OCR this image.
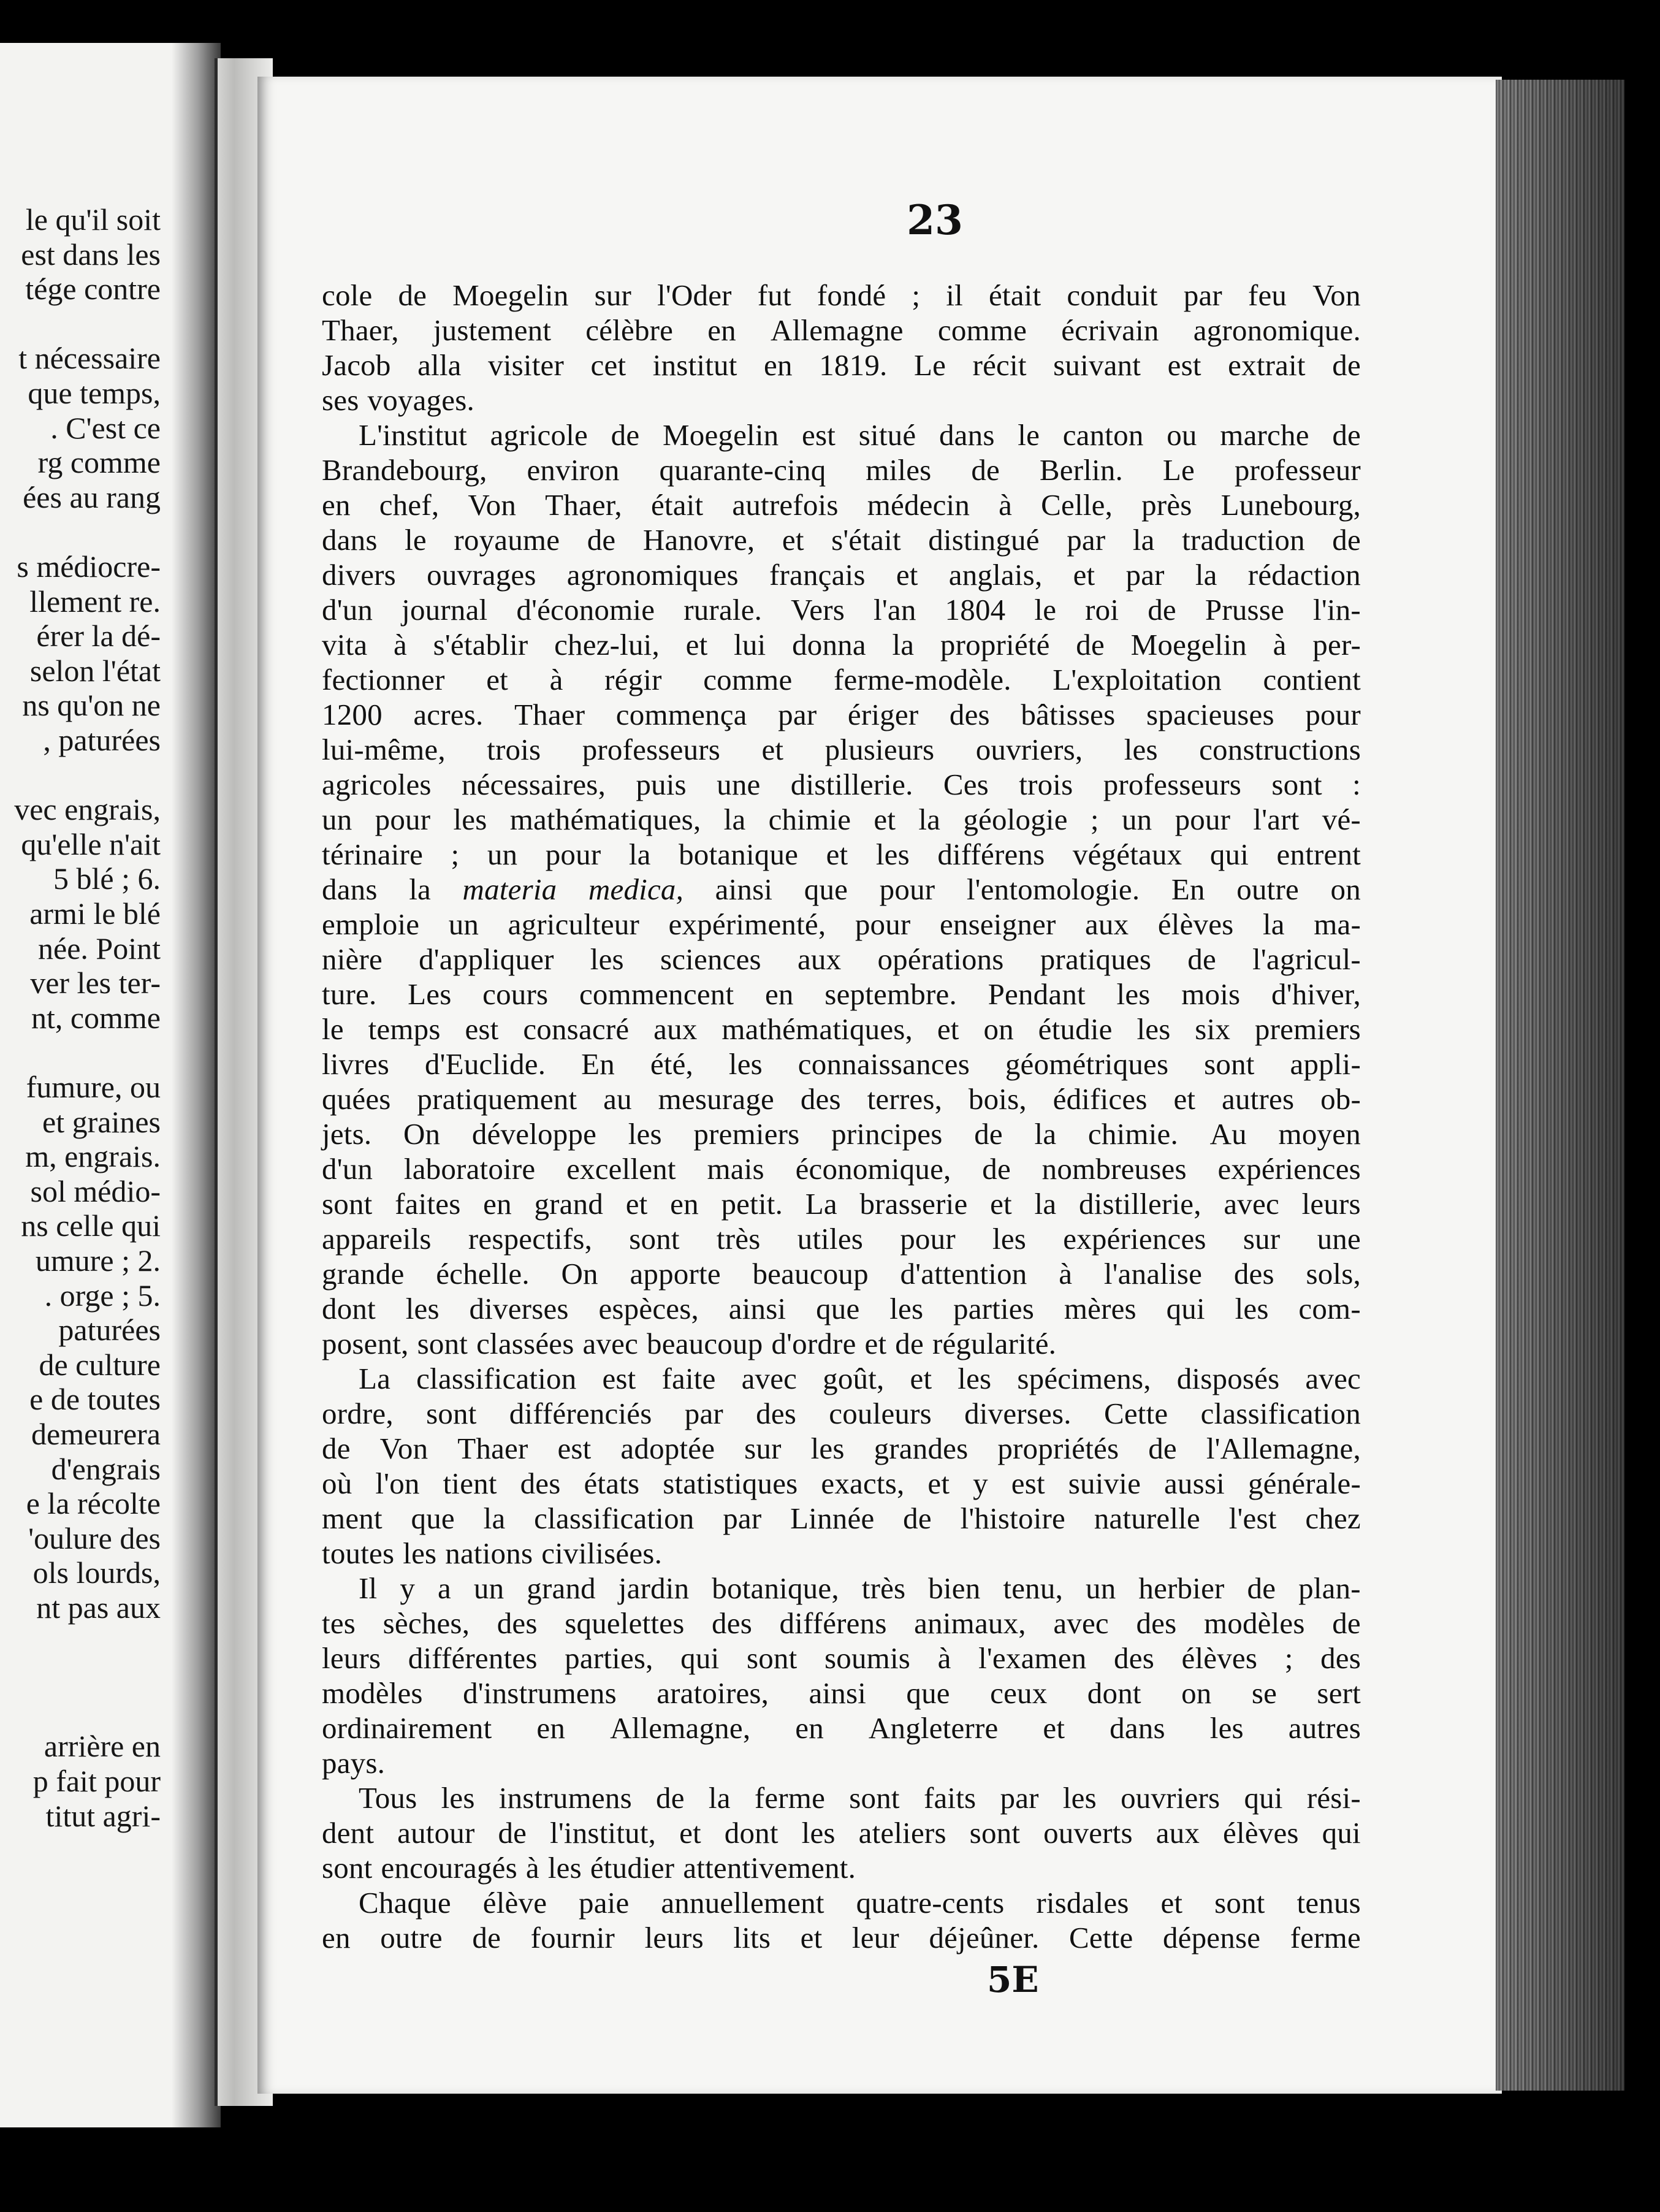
le qu'il soit
est dans les
tége contre
t nécessaire
que temps,
. C'est ce
rg comme
ées au rang
s médiocre-
llement re.
érer la dé-
selon l'état
ns qu'on ne
, paturées
vec engrais,
qu'elle n'ait
5 blé ; 6.
armi le blé
née. Point
ver les ter-
nt, comme
fumure, ou
et graines
m, engrais.
sol médio-
ns celle qui
umure ; 2.
. orge ; 5.
paturées
de culture
e de toutes
demeurera
d'engrais
e la récolte
'oulure des
ols lourds,
nt pas aux
arrière en
p fait pour
titut agri-
23
cole de Moegelin sur l'Oder fut fondé ; il était conduit par feu Von
Thaer, justement célèbre en Allemagne comme écrivain agronomique.
Jacob alla visiter cet institut en 1819. Le récit suivant est extrait de
ses voyages.
L'institut agricole de Moegelin est situé dans le canton ou marche de
Brandebourg, environ quarante-cinq miles de Berlin. Le professeur
en chef, Von Thaer, était autrefois médecin à Celle, près Lunebourg,
dans le royaume de Hanovre, et s'était distingué par la traduction de
divers ouvrages agronomiques français et anglais, et par la rédaction
d'un journal d'économie rurale. Vers l'an 1804 le roi de Prusse l'in-
vita à s'établir chez-lui, et lui donna la propriété de Moegelin à per-
fectionner et à régir comme ferme-modèle. L'exploitation contient
1200 acres. Thaer commença par ériger des bâtisses spacieuses pour
lui-même, trois professeurs et plusieurs ouvriers, les constructions
agricoles nécessaires, puis une distillerie. Ces trois professeurs sont :
un pour les mathématiques, la chimie et la géologie ; un pour l'art vé-
térinaire ; un pour la botanique et les différens végétaux qui entrent
dans la materia medica, ainsi que pour l'entomologie. En outre on
emploie un agriculteur expérimenté, pour enseigner aux élèves la ma-
nière d'appliquer les sciences aux opérations pratiques de l'agricul-
ture. Les cours commencent en septembre. Pendant les mois d'hiver,
le temps est consacré aux mathématiques, et on étudie les six premiers
livres d'Euclide. En été, les connaissances géométriques sont appli-
quées pratiquement au mesurage des terres, bois, édifices et autres ob-
jets. On développe les premiers principes de la chimie. Au moyen
d'un laboratoire excellent mais économique, de nombreuses expériences
sont faites en grand et en petit. La brasserie et la distillerie, avec leurs
appareils respectifs, sont très utiles pour les expériences sur une
grande échelle. On apporte beaucoup d'attention à l'analise des sols,
dont les diverses espèces, ainsi que les parties mères qui les com-
posent, sont classées avec beaucoup d'ordre et de régularité.
La classification est faite avec goût, et les spécimens, disposés avec
ordre, sont différenciés par des couleurs diverses. Cette classification
de Von Thaer est adoptée sur les grandes propriétés de l'Allemagne,
où l'on tient des états statistiques exacts, et y est suivie aussi générale-
ment que la classification par Linnée de l'histoire naturelle l'est chez
toutes les nations civilisées.
Il y a un grand jardin botanique, très bien tenu, un herbier de plan-
tes sèches, des squelettes des différens animaux, avec des modèles de
leurs différentes parties, qui sont soumis à l'examen des élèves ; des
modèles d'instrumens aratoires, ainsi que ceux dont on se sert
ordinairement en Allemagne, en Angleterre et dans les autres
pays.
Tous les instrumens de la ferme sont faits par les ouvriers qui rési-
dent autour de l'institut, et dont les ateliers sont ouverts aux élèves qui
sont encouragés à les étudier attentivement.
Chaque élève paie annuellement quatre-cents risdales et sont tenus
en outre de fournir leurs lits et leur déjeûner. Cette dépense ferme
5E
